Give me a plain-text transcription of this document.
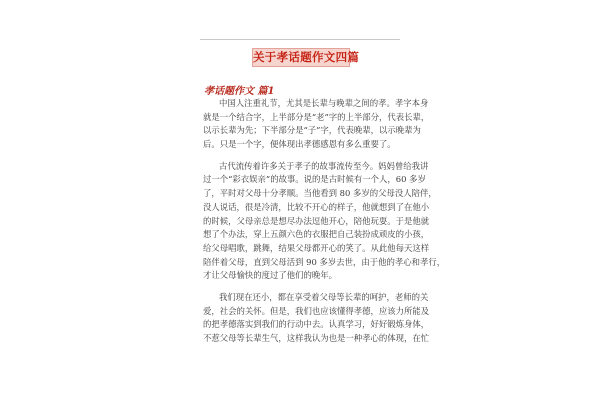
关于孝话题作文四篇
孝话题作文 篇1

中国人注重礼节，尤其是长辈与晚辈之间的孝。孝字本身
就是一个结合字，上半部分是“老”字的上半部分，代表长辈，
以示长辈为先；下半部分是“子”字，代表晚辈，以示晚辈为
后。只是一个字，便体现出孝德感恩有多么重要了。

古代流传着许多关于孝子的故事流传至今。妈妈曾给我讲
过一个“彩衣娱亲”的故事。说的是古时候有一个人，60 多岁
了，平时对父母十分孝顺。当他看到 80 多岁的父母没人陪伴，
没人说话，很是冷清，比较不开心的样子，他就想到了在他小
的时候，父母亲总是想尽办法逗他开心，陪他玩耍。于是他就
想了个办法，穿上五颜六色的衣服把自己装扮成顽皮的小孩，
给父母唱歌，跳舞，结果父母都开心的笑了。从此他每天这样
陪伴着父母，直到父母活到 90 多岁去世，由于他的孝心和孝行，
才让父母愉快的度过了他们的晚年。

我们现在还小，都在享受着父母等长辈的呵护，老师的关
爱，社会的关怀。但是，我们也应该懂得孝德，应该力所能及
的把孝德落实到我们的行动中去。认真学习，好好锻炼身体，
不惹父母等长辈生气，这样我认为也是一种孝心的体现，在忙
